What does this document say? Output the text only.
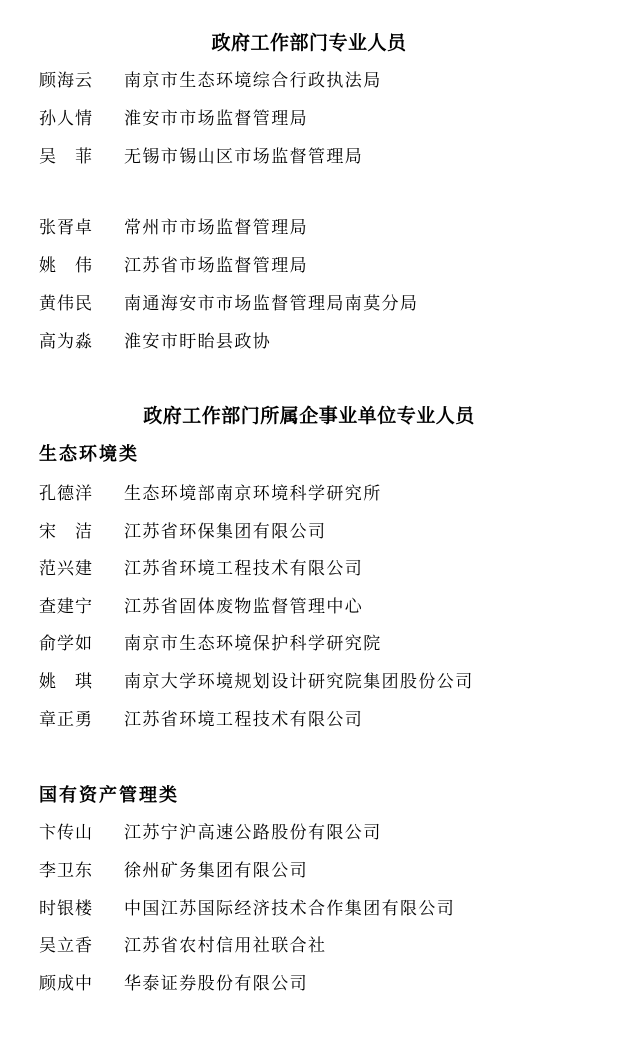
政府工作部门专业人员
顾海云	南京市生态环境综合行政执法局
孙人情	淮安市市场监督管理局
吴　菲	无锡市锡山区市场监督管理局
张胥卓	常州市市场监督管理局
姚　伟	江苏省市场监督管理局
黄伟民	南通海安市市场监督管理局南莫分局
高为淼	淮安市盱眙县政协
政府工作部门所属企事业单位专业人员
生态环境类
孔德洋	生态环境部南京环境科学研究所
宋　洁	江苏省环保集团有限公司
范兴建	江苏省环境工程技术有限公司
查建宁	江苏省固体废物监督管理中心
俞学如	南京市生态环境保护科学研究院
姚　琪	南京大学环境规划设计研究院集团股份公司
章正勇	江苏省环境工程技术有限公司
国有资产管理类
卞传山	江苏宁沪高速公路股份有限公司
李卫东	徐州矿务集团有限公司
时银楼	中国江苏国际经济技术合作集团有限公司
吴立香	江苏省农村信用社联合社
顾成中	华泰证券股份有限公司
